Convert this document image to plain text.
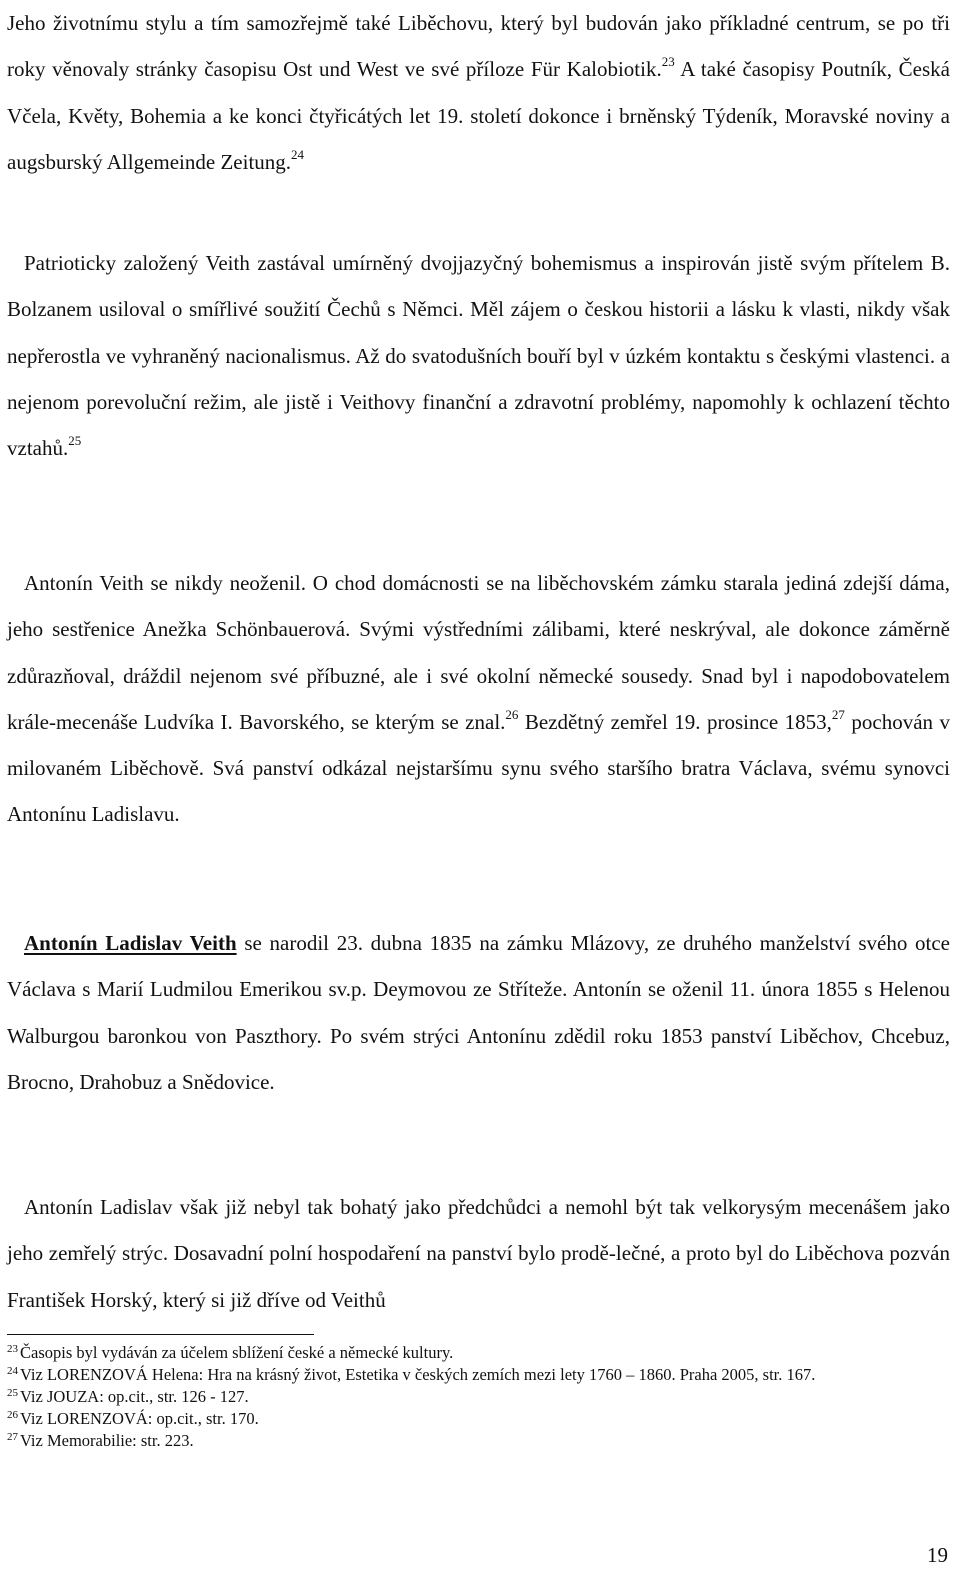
Jeho životnímu stylu a tím samozřejmě také Liběchovu, který byl budován jako příkladné centrum, se po tři roky věnovaly stránky časopisu Ost und West ve své příloze Für Kalobiotik.$^{23}$ A také časopisy Poutník, Česká Včela, Květy, Bohemia a ke konci čtyřicátých let 19. století dokonce i brněnský Týdeník, Moravské noviny a augsburský Allgemeinde Zeitung.$^{24}$

Patrioticky založený Veith zastával umírněný dvojjazyčný bohemismus a inspirován jistě svým přítelem B. Bolzanem usiloval o smířlivé soužití Čechů s Němci. Měl zájem o českou historii a lásku k vlasti, nikdy však nepřerostla ve vyhraněný nacionalismus. Až do svatodušních bouří byl v úzkém kontaktu s českými vlastenci. a nejenom porevoluční režim, ale jistě i Veithovy finanční a zdravotní problémy, napomohly k ochlazení těchto vztahů.$^{25}$

Antonín Veith se nikdy neoženil. O chod domácnosti se na liběchovském zámku starala jediná zdejší dáma, jeho sestřenice Anežka Schönbauerová. Svými výstředními zálibami, které neskrýval, ale dokonce záměrně zdůrazňoval, dráždil nejenom své příbuzné, ale i své okolní německé sousedy. Snad byl i napodobovatelem krále-mecenáše Ludvíka I. Bavorského, se kterým se znal.$^{26}$ Bezdětný zemřel 19. prosince 1853,27 pochován v milovaném Liběchově. Svá panství odkázal nejstaršímu synu svého staršího bratra Václava, svému synovci Antonínu Ladislavu.

Antonín Ladislav Veith se narodil 23. dubna 1835 na zámku Mlázovy, ze druhého manželství svého otce Václava s Marií Ludmilou Emerikou sv.p. Deymovou ze Stříteže. Antonín se oženil 11. února 1855 s Helenou Walburgou baronkou von Paszthory. Po svém strýci Antonínu zdědil roku 1853 panství Liběchov, Chcebuz, Brocno, Drahobuz a Snědovice.

Antonín Ladislav však již nebyl tak bohatý jako předchůdci a nemohl být tak velkorysým mecenášem jako jeho zemřelý strýc. Dosavadní polní hospodaření na panství bylo prodě-lečné, a proto byl do Liběchova pozván František Horský, který si již dříve od Veithů

$^{23}$ Časopis byl vydáván za účelem sblížení české a německé kultury.
$^{24}$ Viz LORENZOVÁ Helena: Hra na krásný život, Estetika v českých zemích mezi lety 1760 – 1860. Praha 2005, str. 167.
$^{25}$ Viz JOUZA: op.cit., str. 126 - 127.
$^{26}$ Viz LORENZOVÁ: op.cit., str. 170.
$^{27}$ Viz Memorabilie: str. 223.
19
